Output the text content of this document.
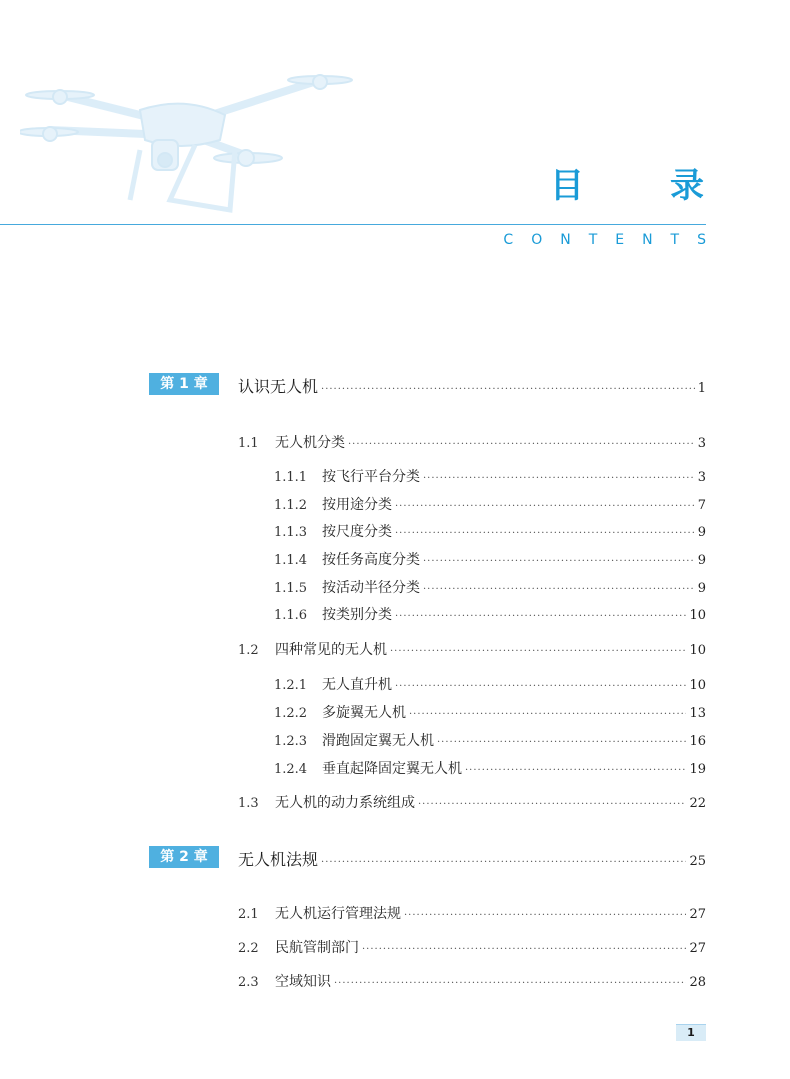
目　录
CONTENTS
第 1 章	认识无人机 ·····	1
1.1	无人机分类 ·····	3
1.1.1	按飞行平台分类 ·····	3
1.1.2	按用途分类 ·····	7
1.1.3	按尺度分类 ·····	9
1.1.4	按任务高度分类 ·····	9
1.1.5	按活动半径分类 ·····	9
1.1.6	按类别分类 ·····	10
1.2	四种常见的无人机 ·····	10
1.2.1	无人直升机 ·····	10
1.2.2	多旋翼无人机 ·····	13
1.2.3	滑跑固定翼无人机 ·····	16
1.2.4	垂直起降固定翼无人机 ·····	19
1.3	无人机的动力系统组成 ·····	22
第 2 章	无人机法规 ·····	25
2.1	无人机运行管理法规 ·····	27
2.2	民航管制部门 ·····	27
2.3	空域知识 ·····	28
1
